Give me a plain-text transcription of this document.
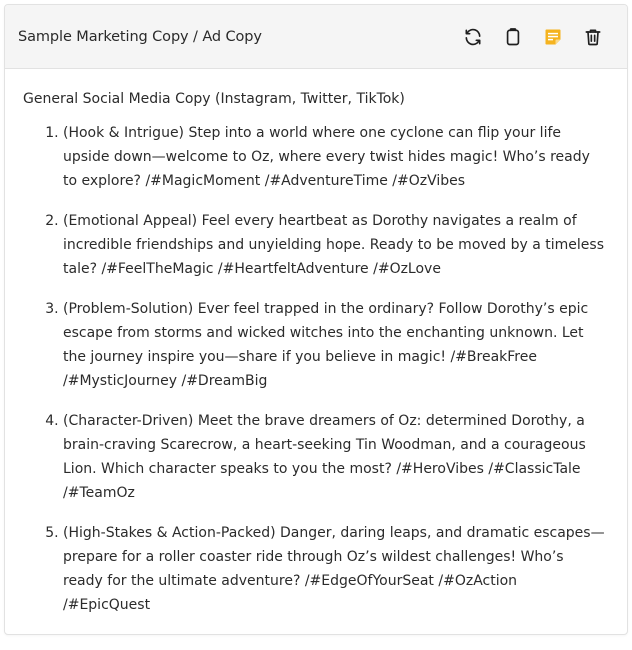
Sample Marketing Copy / Ad Copy
General Social Media Copy (Instagram, Twitter, TikTok)
1. (Hook & Intrigue) Step into a world where one cyclone can flip your life upside down—welcome to Oz, where every twist hides magic! Who’s ready to explore? /#MagicMoment /#AdventureTime /#OzVibes
2. (Emotional Appeal) Feel every heartbeat as Dorothy navigates a realm of incredible friendships and unyielding hope. Ready to be moved by a timeless tale? /#FeelTheMagic /#HeartfeltAdventure /#OzLove
3. (Problem-Solution) Ever feel trapped in the ordinary? Follow Dorothy’s epic escape from storms and wicked witches into the enchanting unknown. Let the journey inspire you—share if you believe in magic! /#BreakFree /#MysticJourney /#DreamBig
4. (Character-Driven) Meet the brave dreamers of Oz: determined Dorothy, a brain-craving Scarecrow, a heart-seeking Tin Woodman, and a courageous Lion. Which character speaks to you the most? /#HeroVibes /#ClassicTale /#TeamOz
5. (High-Stakes & Action-Packed) Danger, daring leaps, and dramatic escapes—prepare for a roller coaster ride through Oz’s wildest challenges! Who’s ready for the ultimate adventure? /#EdgeOfYourSeat /#OzAction /#EpicQuest
